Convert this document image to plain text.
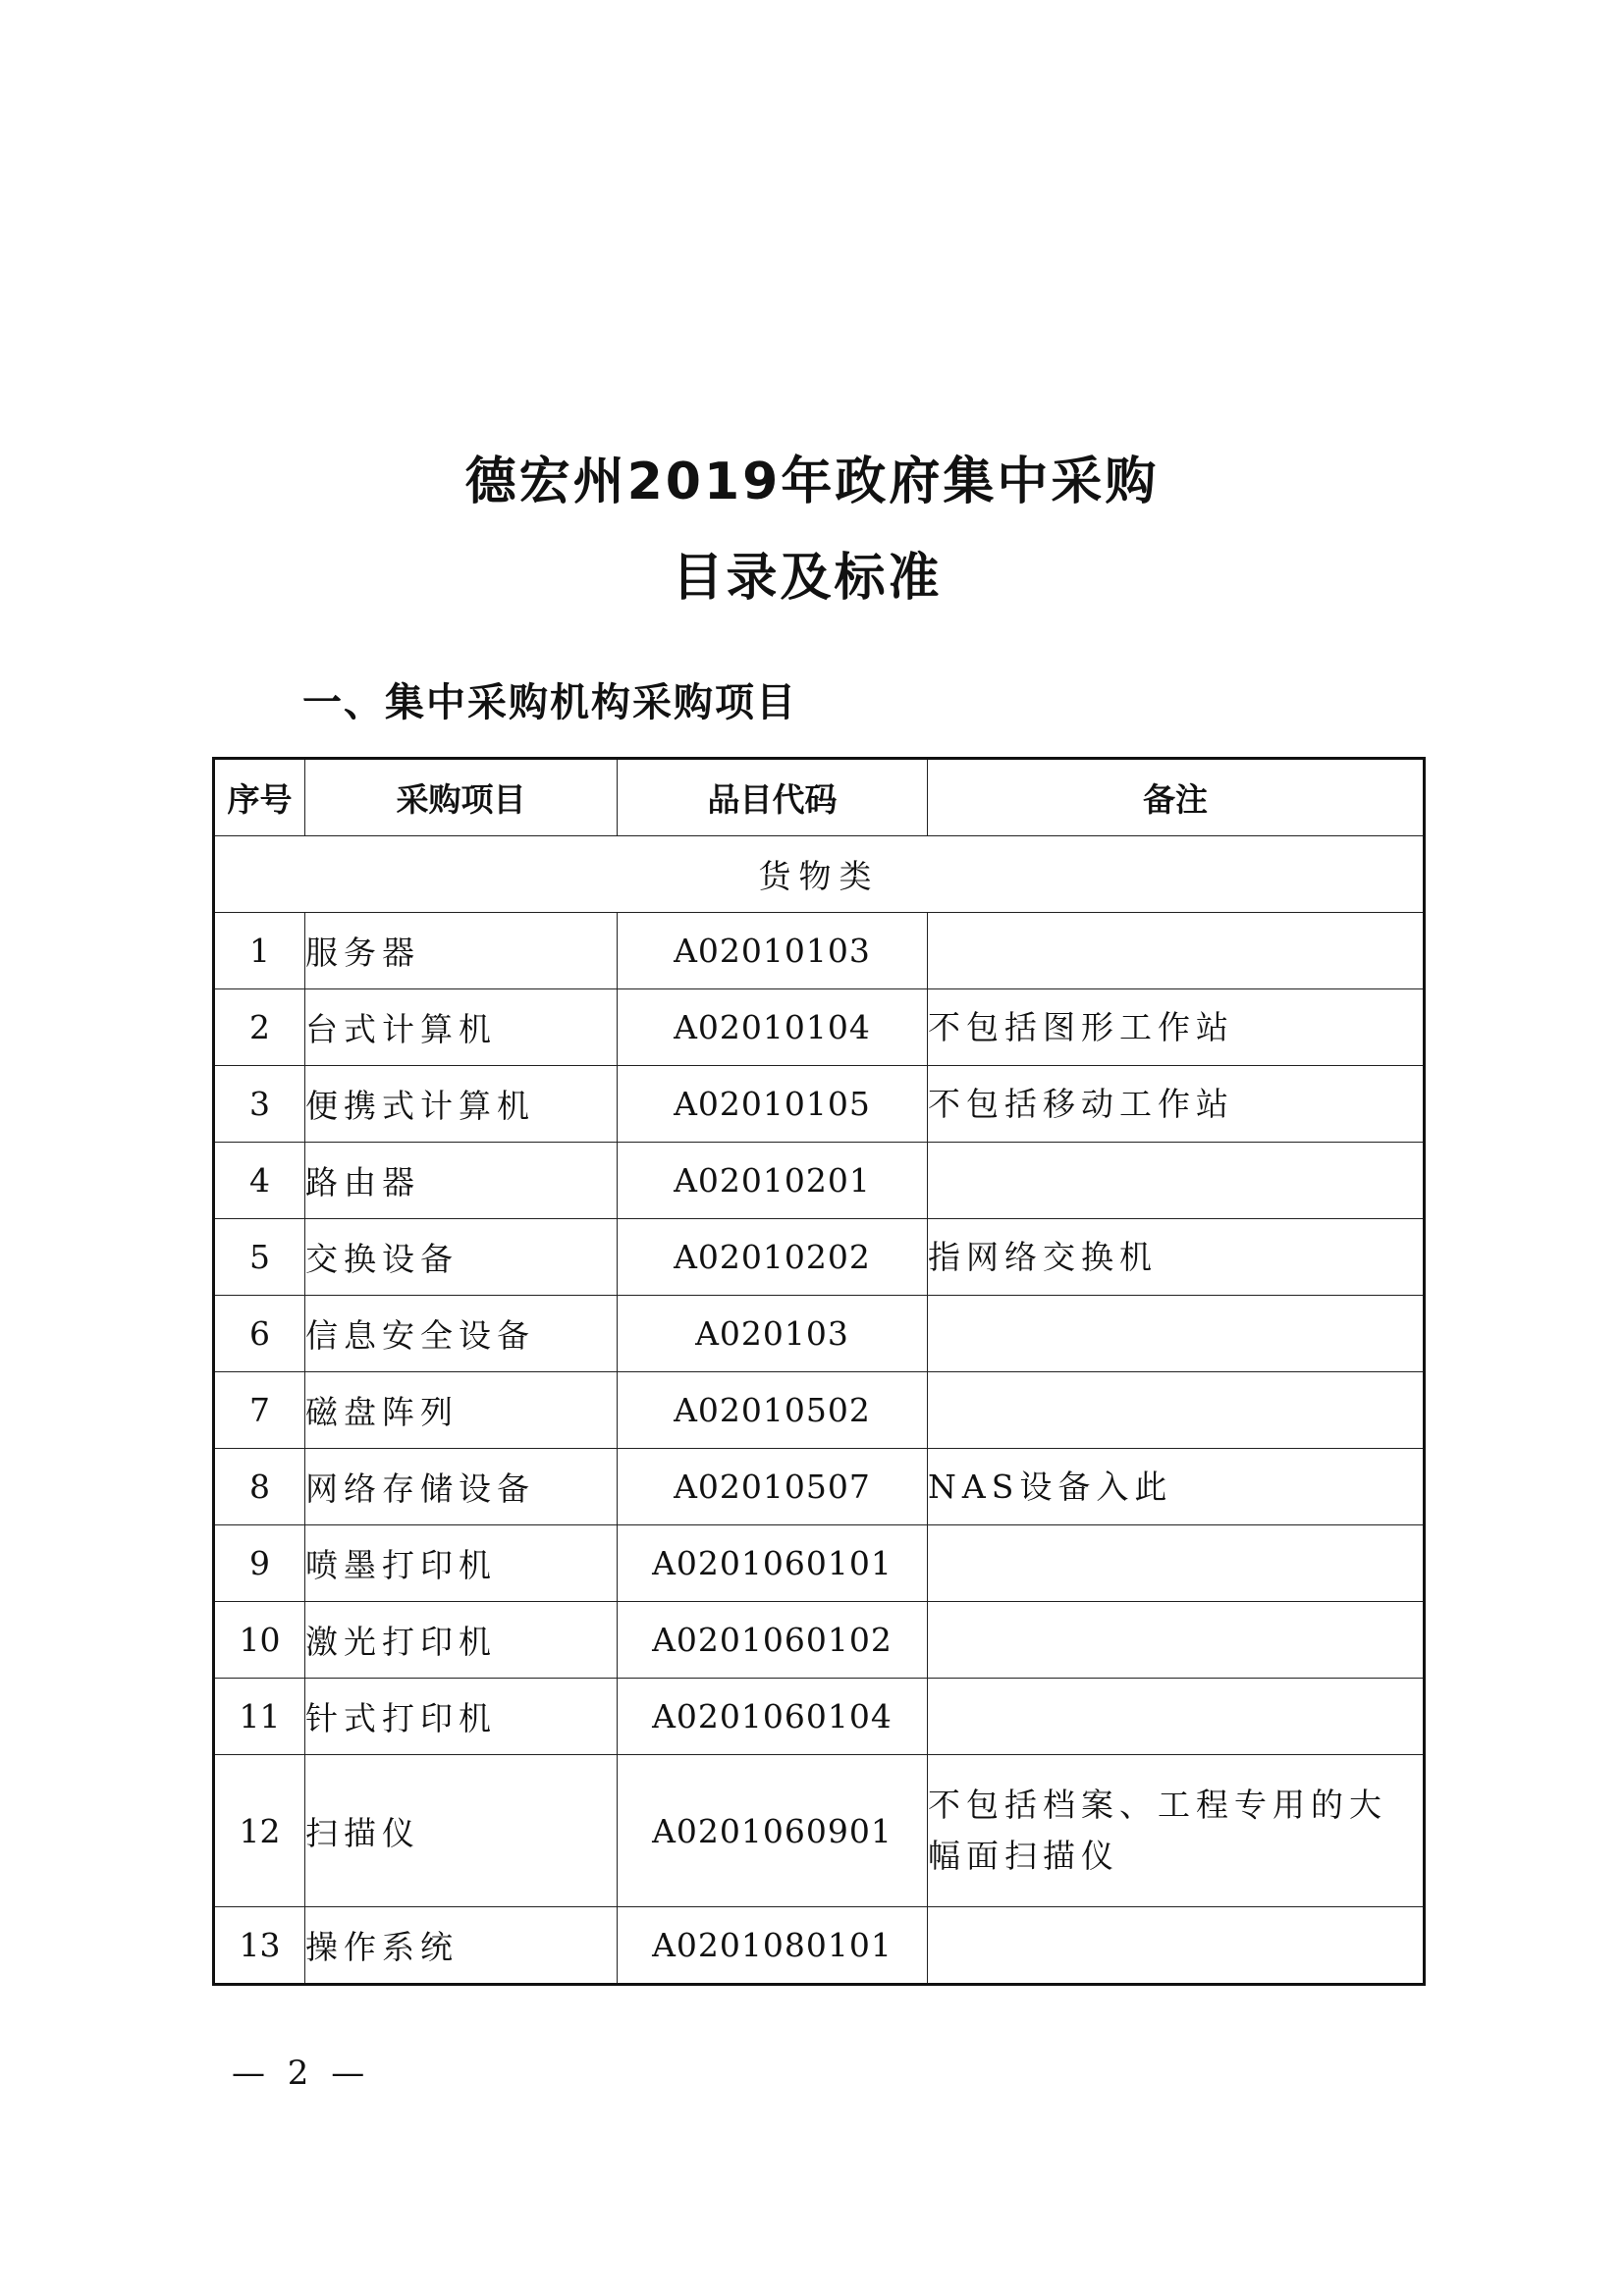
德宏州2019年政府集中采购
目录及标准
一、集中采购机构采购项目
序号	采购项目	品目代码	备注
货物类			
1	服务器	A02010103	
2	台式计算机	A02010104	不包括图形工作站
3	便携式计算机	A02010105	不包括移动工作站
4	路由器	A02010201	
5	交换设备	A02010202	指网络交换机
6	信息安全设备	A020103	
7	磁盘阵列	A02010502	
8	网络存储设备	A02010507	NAS设备入此
9	喷墨打印机	A0201060101	
10	激光打印机	A0201060102	
11	针式打印机	A0201060104	
12	扫描仪	A0201060901	不包括档案、工程专用的大幅面扫描仪
13	操作系统	A0201080101	
— 2 —
